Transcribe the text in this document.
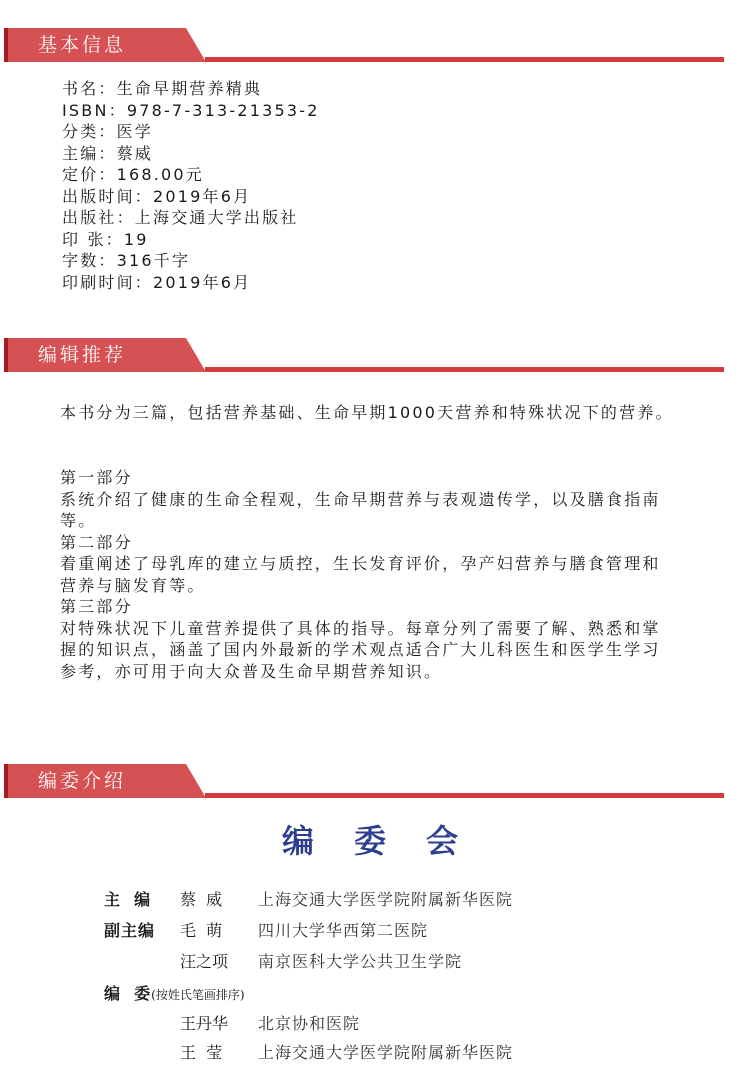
基本信息
书名：生命早期营养精典
ISBN：978-7-313-21353-2
分类：医学
主编：蔡威
定价：168.00元
出版时间：2019年6月
出版社：上海交通大学出版社
印 张：19
字数：316千字
印刷时间：2019年6月
编辑推荐

本书分为三篇，包括营养基础、生命早期1000天营养和特殊状况下的营养。

第一部分

系统介绍了健康的生命全程观，生命早期营养与表观遗传学，以及膳食指南等。

第二部分

着重阐述了母乳库的建立与质控，生长发育评价，孕产妇营养与膳食管理和营养与脑发育等。

第三部分

对特殊状况下儿童营养提供了具体的指导。每章分列了需要了解、熟悉和掌握的知识点，涵盖了国内外最新的学术观点适合广大儿科医生和医学生学习参考，亦可用于向大众普及生命早期营养知识。

编委介绍
编委会
主  编 蔡  威 上海交通大学医学院附属新华医院
副主编 毛  萌 四川大学华西第二医院
汪之项 南京医科大学公共卫生学院
编  委(按姓氏笔画排序)
王丹华 北京协和医院
王  莹 上海交通大学医学院附属新华医院
